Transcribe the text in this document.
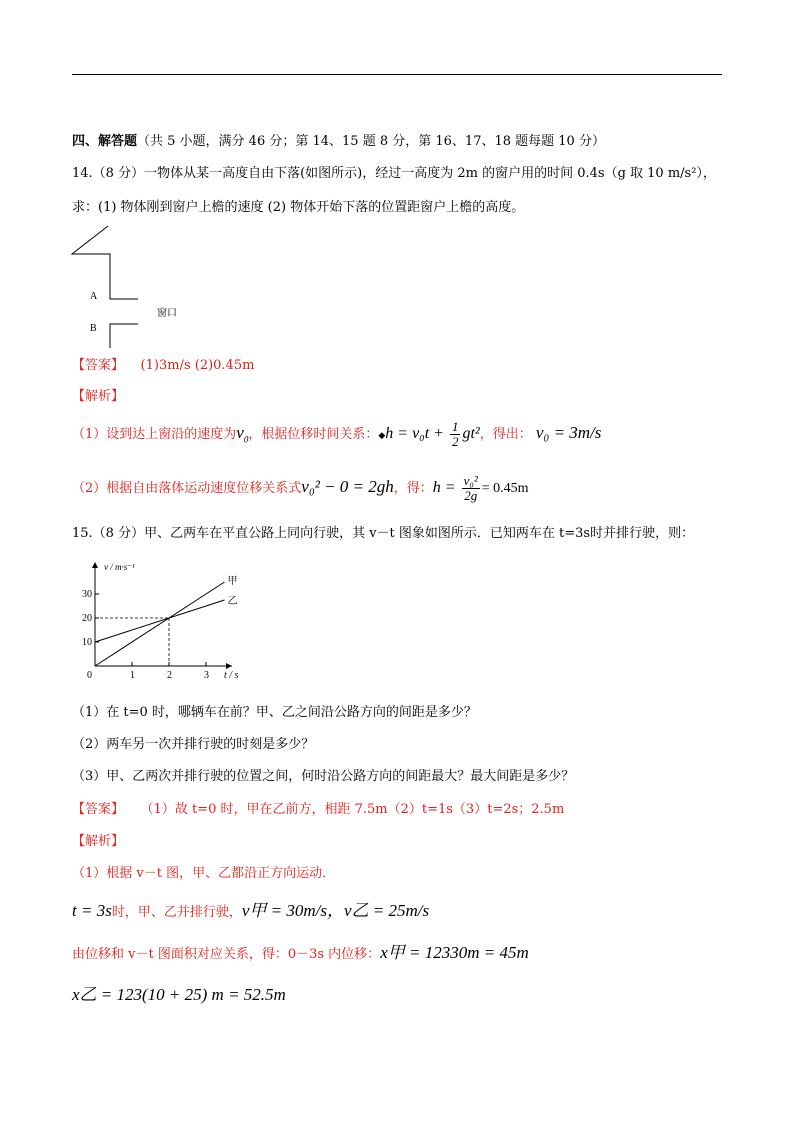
四、解答题（共 5 小题，满分 46 分；第 14、15 题 8 分，第 16、17、18 题每题 10 分）
14.（8 分）一物体从某一高度自由下落(如图所示)，经过一高度为 2m 的窗户用的时间 0.4s（g 取 10 m/s²），
求：(1) 物体刚到窗户上檐的速度 (2) 物体开始下落的位置距窗户上檐的高度。
A
B
窗口
【答案】 (1)3m/s (2)0.45m
【解析】
（1）设到达上窗沿的速度为$v_0$，根据位移时间关系：◆h = $v_0t + \frac{1}{2} gt^2$，得出： v₀ = 3m/s
（2）根据自由落体运动速度位移关系式v₀² − 0 = 2gh，得：$h = \frac{\text{v₀²}}{2g} = 0.45m$
15.（8 分）甲、乙两车在平直公路上同向行驶，其 v－t 图象如图所示．已知两车在 t=3s时并排行驶，则：
0	1	2	3
10
20
30
t / s
v / m·s⁻¹
甲
乙
（1）在 t=0 时，哪辆车在前？甲、乙之间沿公路方向的间距是多少？
（2）两车另一次并排行驶的时刻是多少？
（3）甲、乙两次并排行驶的位置之间，何时沿公路方向的间距最大？最大间距是多少？
【答案】 （1）故 t=0 时，甲在乙前方，相距 7.5m（2）t=1s（3）t=2s；2.5m
【解析】
（1）根据 v－t 图，甲、乙都沿正方向运动．
t = 3s时，甲、乙并排行驶，v甲 = 30m/s，v乙 = 25m/s
由位移和 v－t 图面积对应关系，得：0－3s 内位移：x甲 = 12330m = 45m
x乙 = 123(10 + 25) m = 52.5m
